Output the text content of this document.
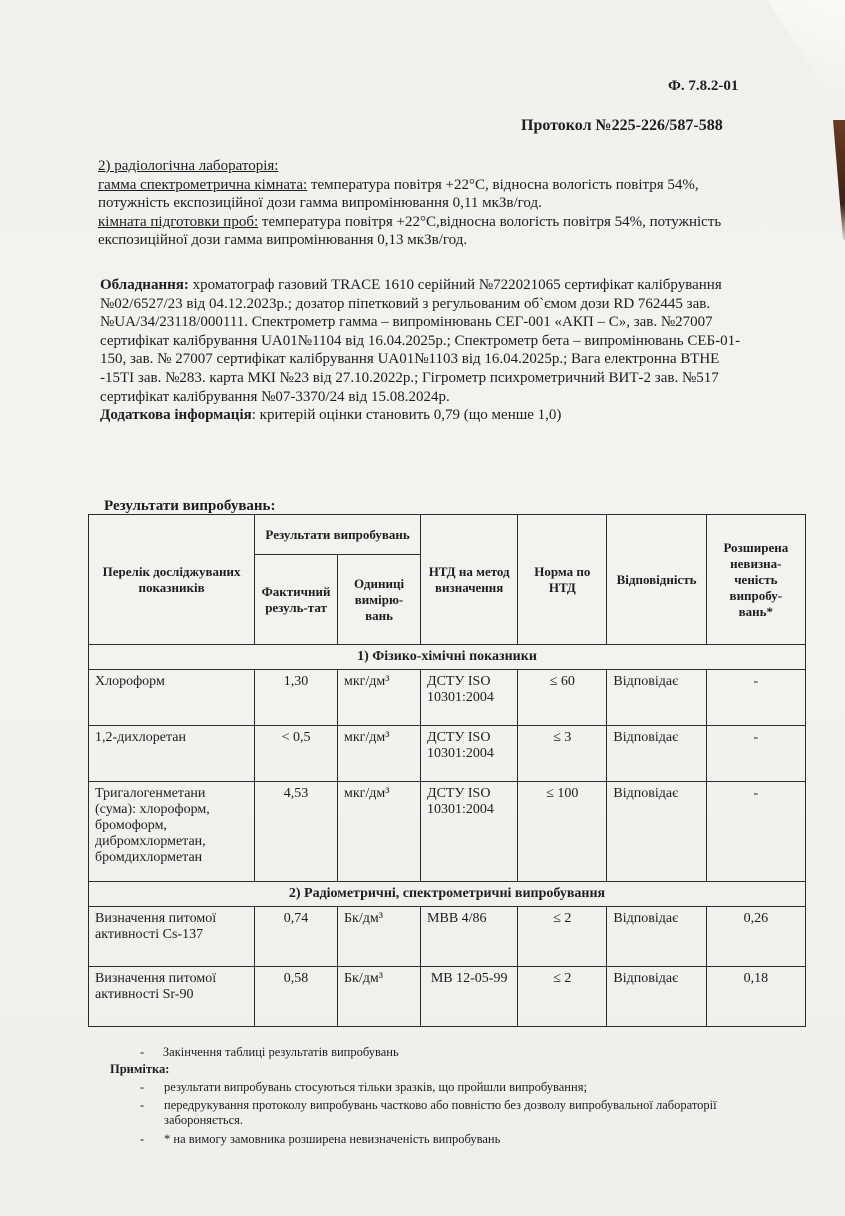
Ф. 7.8.2-01
Протокол №225-226/587-588
2) радіологічна лабораторія:
гамма спектрометрична кімната: температура повітря +22°С, відносна вологість повітря 54%, потужність експозиційної дози гамма випромінювання 0,11 мкЗв/год.
кімната підготовки проб: температура повітря +22°С,відносна вологість повітря 54%, потужність експозиційної дози гамма випромінювання 0,13 мкЗв/год.
Обладнання: хроматограф газовий TRACE 1610 серійний №722021065 сертифікат калібрування №02/6527/23 від 04.12.2023р.; дозатор піпетковий з регульованим об`ємом дози RD 762445 зав. №UA/34/23118/000111. Спектрометр гамма – випромінювань СЕГ-001 «АКП – С», зав. №27007 сертифікат калібрування UA01№1104 від 16.04.2025р.; Спектрометр бета – випромінювань СЕБ-01-150, зав. № 27007 сертифікат калібрування UA01№1103 від 16.04.2025р.; Вага електронна ВТНЕ -15ТІ зав. №283. карта МКІ №23 від 27.10.2022р.; Гігрометр психрометричний ВИТ-2 зав. №517 сертифікат калібрування №07-3370/24 від 15.08.2024р.
Додаткова інформація: критерій оцінки становить 0,79 (що менше 1,0)
Результати випробувань:
Перелік досліджуваних показників	Результати випробувань		НТД на метод визначення	Норма по НТД	Відповідність	Розширена невизна-ченість випробу-вань*
	Фактичний резуль-тат	Одиниці вимірю-вань				
1) Фізико-хімічні показники						
Хлороформ	1,30	мкг/дм³	ДСТУ ISO 10301:2004	≤ 60	Відповідає	-
1,2-дихлоретан	< 0,5	мкг/дм³	ДСТУ ISO 10301:2004	≤ 3	Відповідає	-
Тригалогенметани (сума): хлороформ, бромоформ, дибромхлорметан, бромдихлорметан	4,53	мкг/дм³	ДСТУ ISO 10301:2004	≤ 100	Відповідає	-
2) Радіометричні, спектрометричні випробування						
Визначення питомої активності Cs-137	0,74	Бк/дм³	МВВ 4/86	≤ 2	Відповідає	0,26
Визначення питомої активності Sr-90	0,58	Бк/дм³	МВ 12-05-99	≤ 2	Відповідає	0,18
-      Закінчення таблиці результатів випробувань
Примітка:
- результати випробувань стосуються тільки зразків, що пройшли випробування;
- передрукування протоколу випробувань частково або повністю без дозволу випробувальної лабораторії забороняється.
- * на вимогу замовника розширена невизначеність випробувань
